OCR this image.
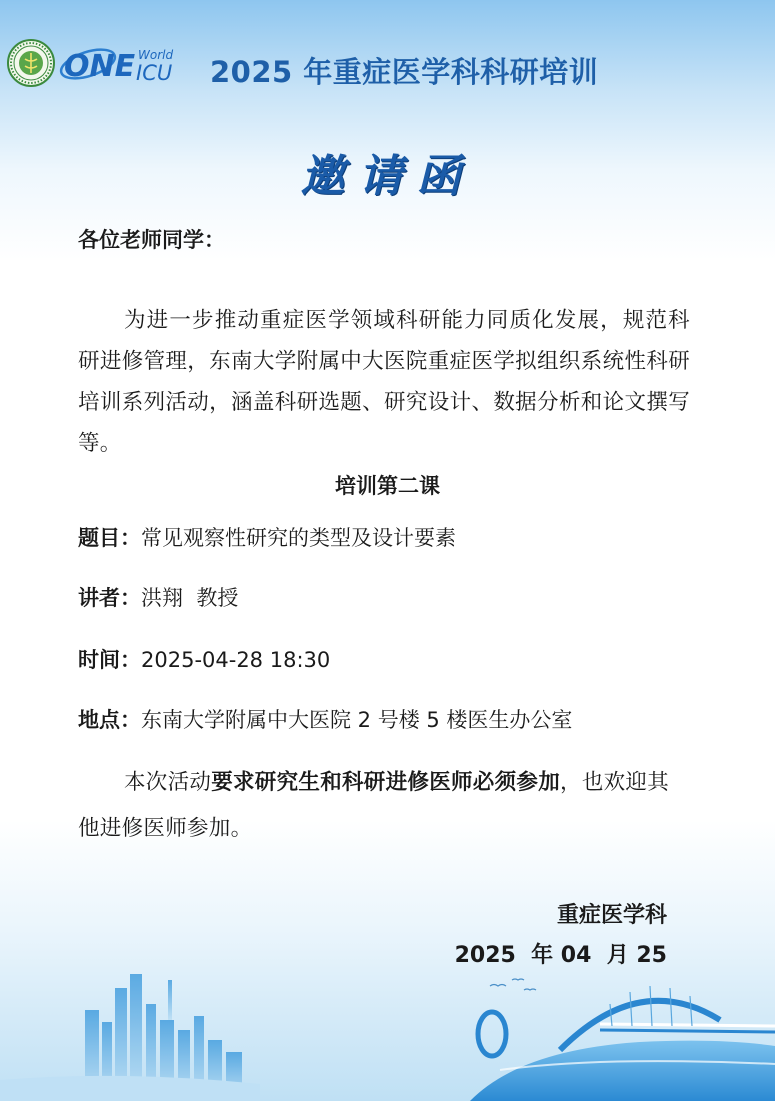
ONE World
ICU 2025 年重症医学科科研培训
邀请函
各位老师同学：
为进一步推动重症医学领域科研能力同质化发展，规范科研进修管理，东南大学附属中大医院重症医学拟组织系统性科研培训系列活动，涵盖科研选题、研究设计、数据分析和论文撰写等。
培训第二课
题目：常见观察性研究的类型及设计要素
讲者：洪翔  教授
时间：2025-04-28 18:30
地点：东南大学附属中大医院 2 号楼 5 楼医生办公室
本次活动要求研究生和科研进修医师必须参加，也欢迎其他进修医师参加。
重症医学科
2025  年 04  月 25
